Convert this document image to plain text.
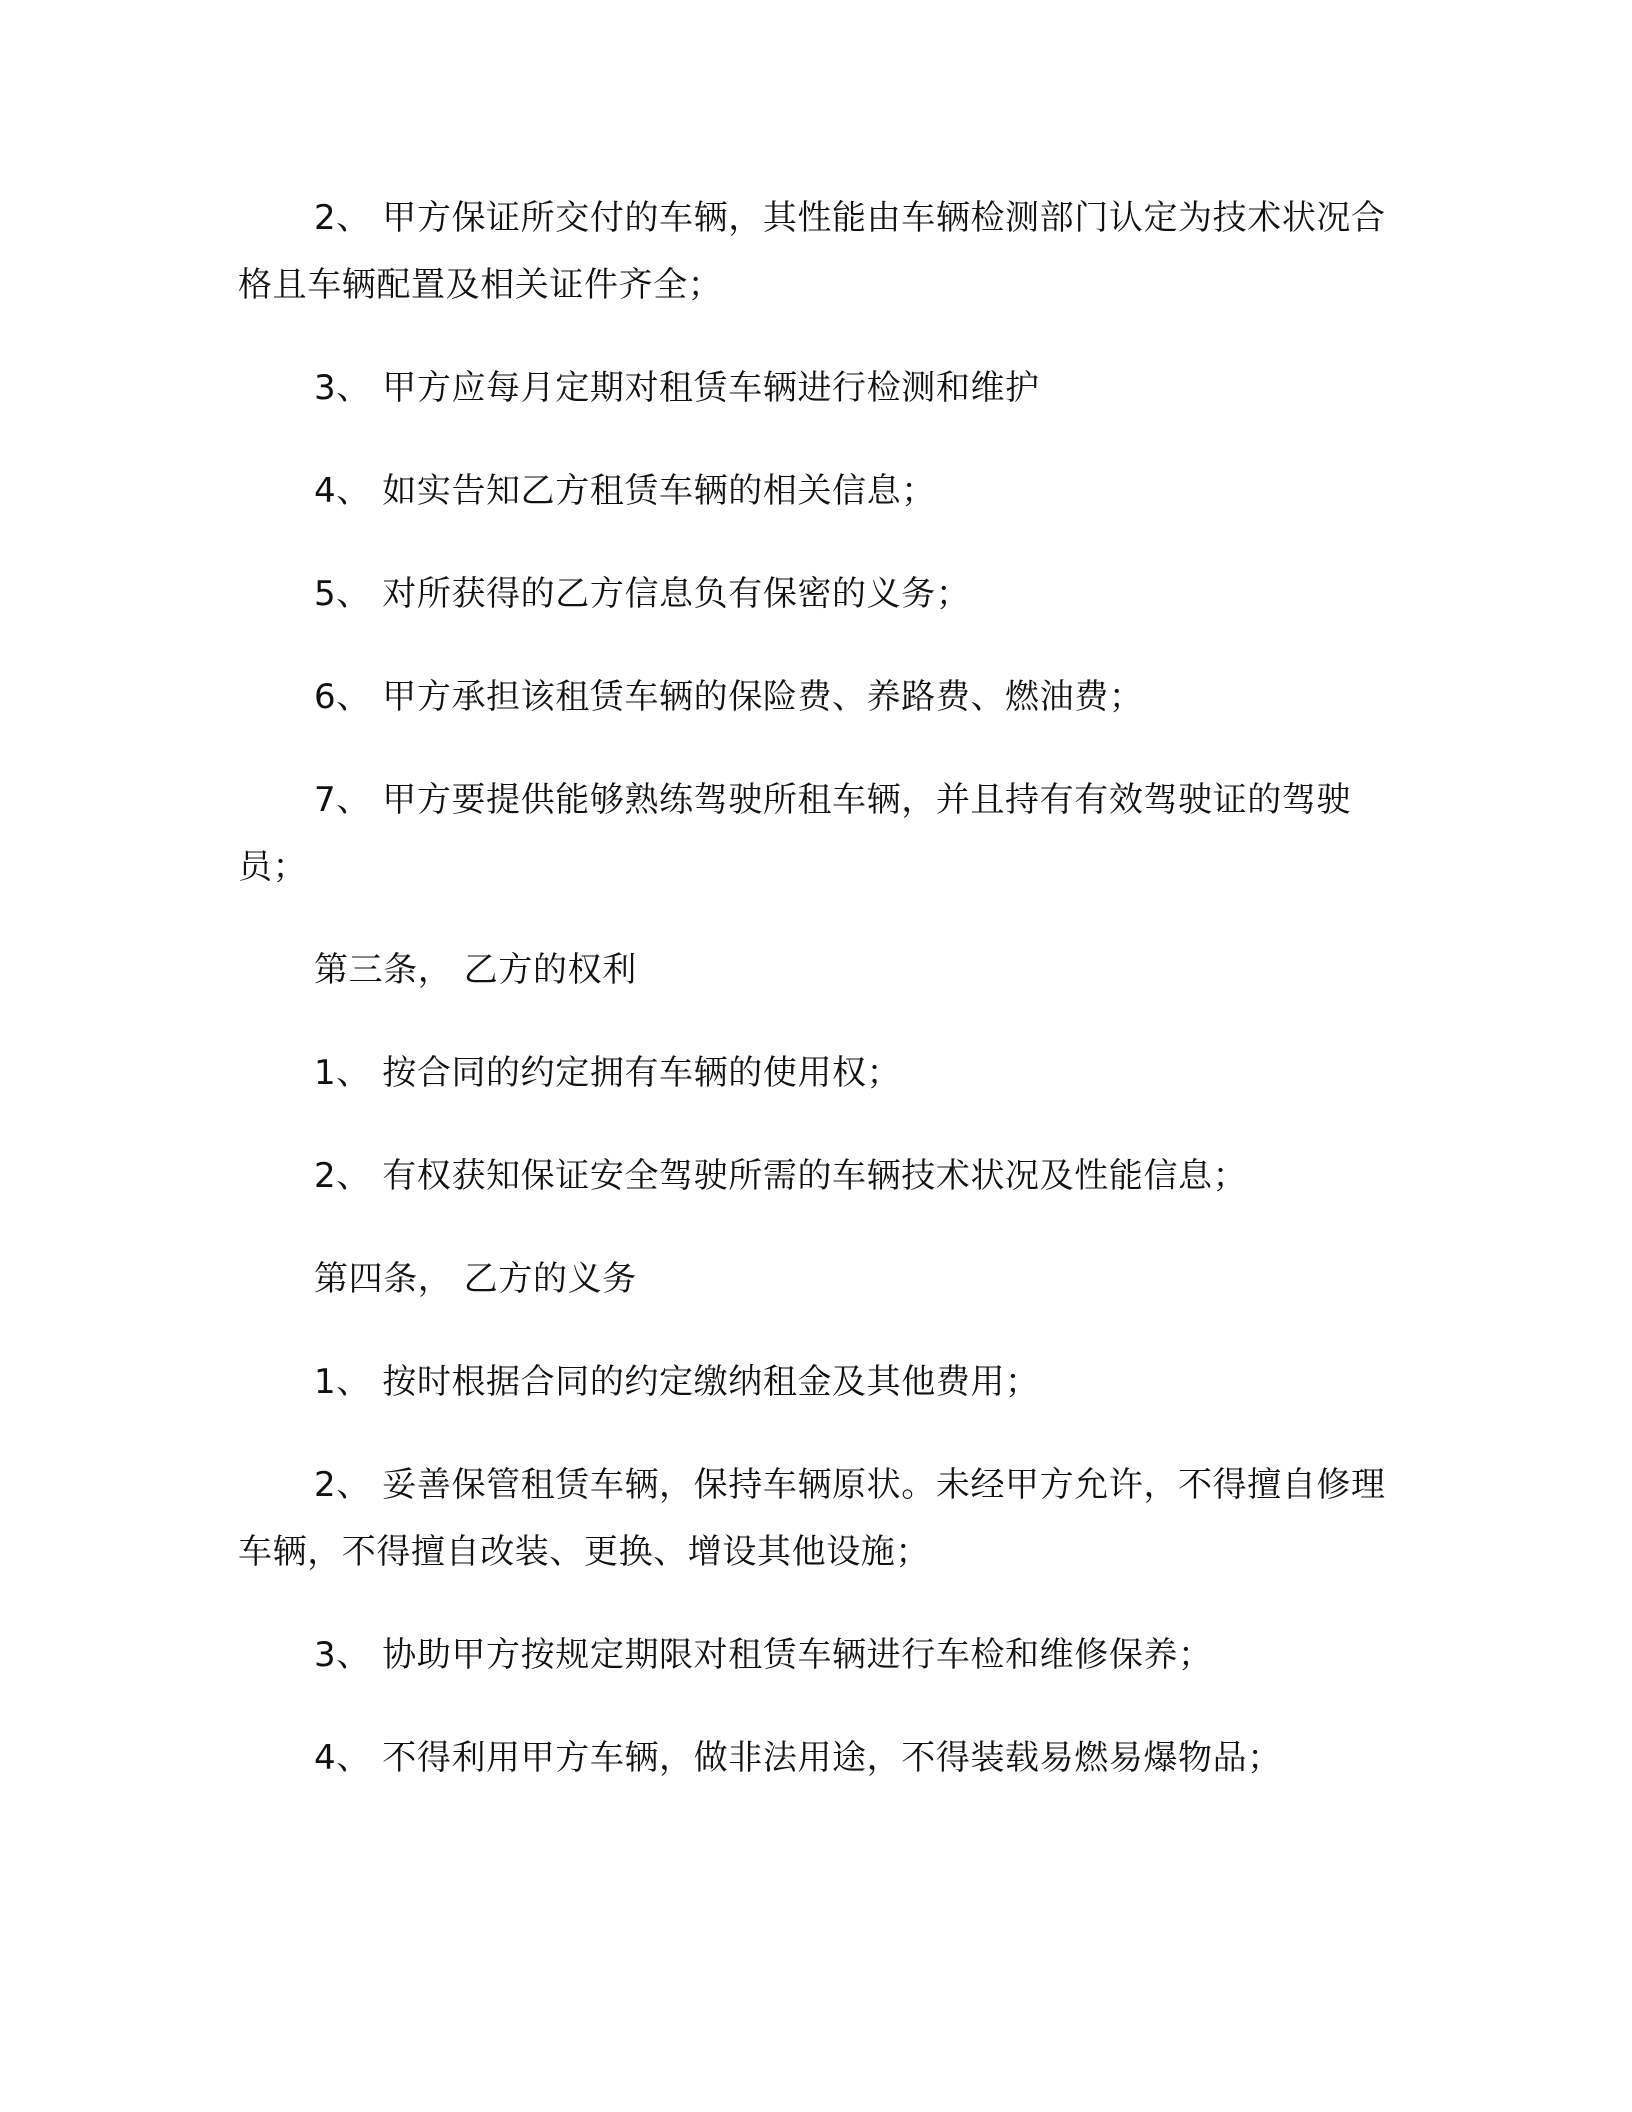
2、 甲方保证所交付的车辆，其性能由车辆检测部门认定为技术状况合格且车辆配置及相关证件齐全；

3、 甲方应每月定期对租赁车辆进行检测和维护

4、 如实告知乙方租赁车辆的相关信息；

5、 对所获得的乙方信息负有保密的义务；

6、 甲方承担该租赁车辆的保险费、养路费、燃油费；

7、 甲方要提供能够熟练驾驶所租车辆，并且持有有效驾驶证的驾驶员；

第三条， 乙方的权利

1、 按合同的约定拥有车辆的使用权；

2、 有权获知保证安全驾驶所需的车辆技术状况及性能信息；

第四条， 乙方的义务

1、 按时根据合同的约定缴纳租金及其他费用；

2、 妥善保管租赁车辆，保持车辆原状。未经甲方允许，不得擅自修理车辆，不得擅自改装、更换、增设其他设施；

3、 协助甲方按规定期限对租赁车辆进行车检和维修保养；

4、 不得利用甲方车辆，做非法用途，不得装载易燃易爆物品；
